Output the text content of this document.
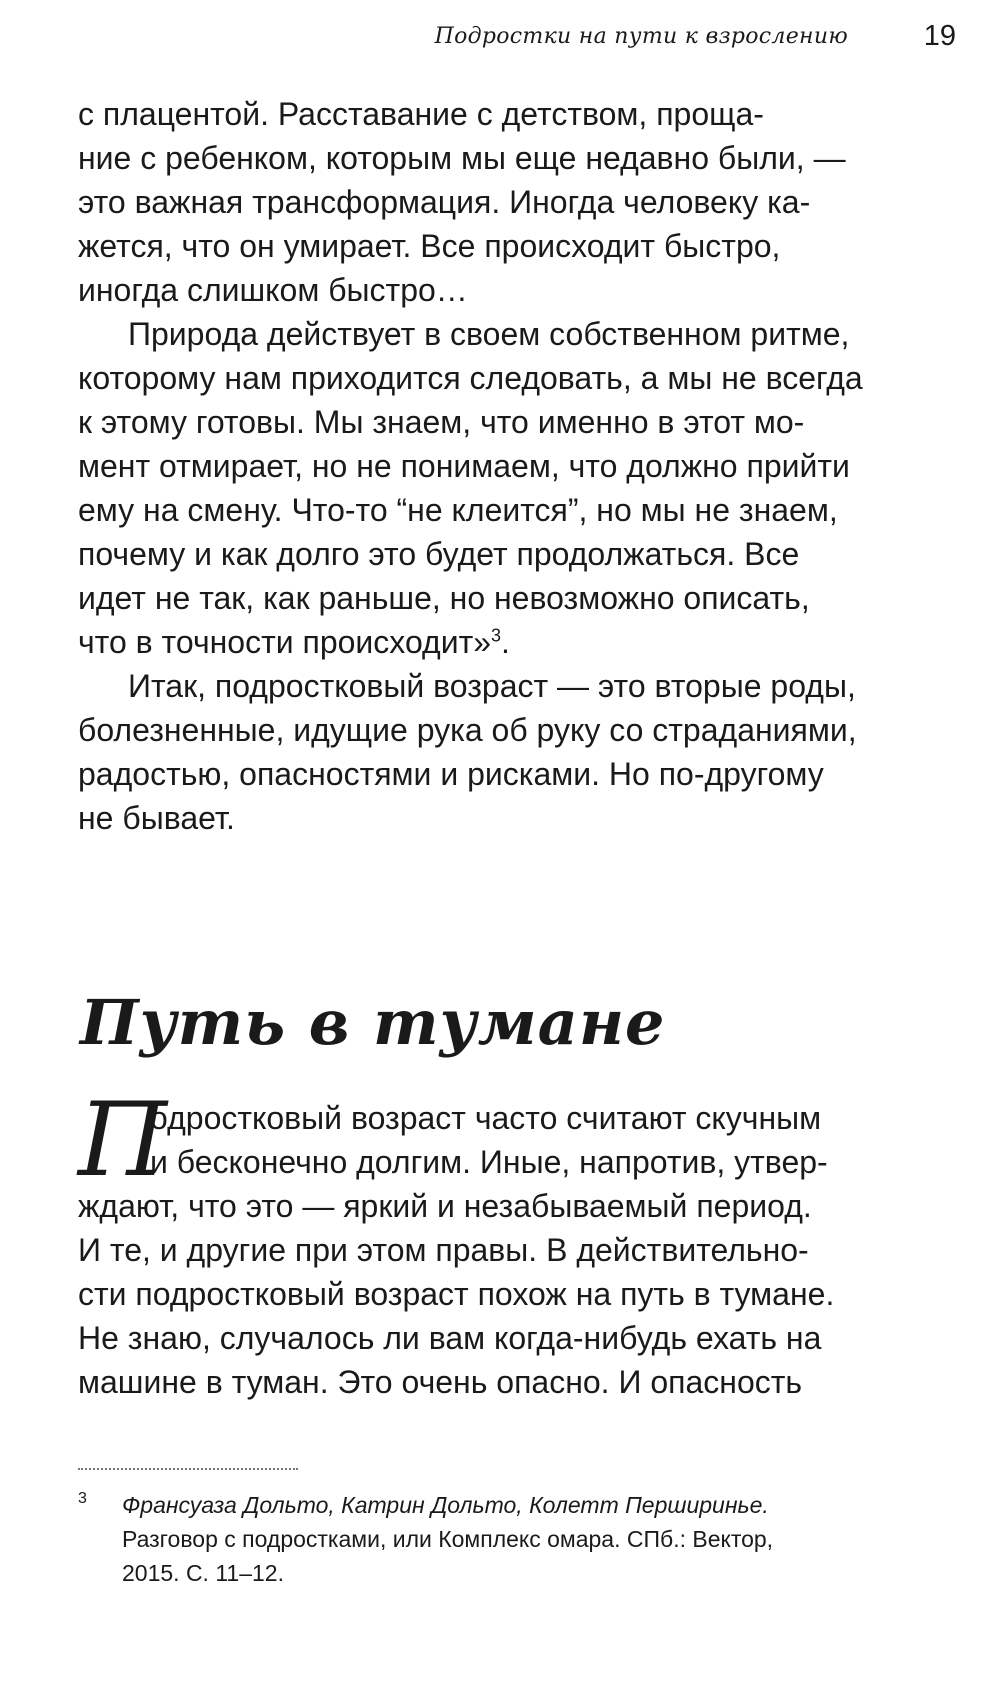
Подростки на пути к взрослению	19
с плацентой. Расставание с детством, проща-
ние с ребенком, которым мы еще недавно были, —
это важная трансформация. Иногда человеку ка-
жется, что он умирает. Все происходит быстро,
иногда слишком быстро…
Природа действует в своем собственном ритме,
которому нам приходится следовать, а мы не всегда
к этому готовы. Мы знаем, что именно в этот мо-
мент отмирает, но не понимаем, что должно прийти
ему на смену. Что-то “не клеится”, но мы не знаем,
почему и как долго это будет продолжаться. Все
идет не так, как раньше, но невозможно описать,
что в точности происходит»$^3$.
Итак, подростковый возраст — это вторые роды,
болезненные, идущие рука об руку со страданиями,
радостью, опасностями и рисками. Но по-другому
не бывает.
Путь в тумане
П
одростковый возраст часто считают скучным
и бесконечно долгим. Иные, напротив, утвер-
ждают, что это — яркий и незабываемый период.
И те, и другие при этом правы. В действительно-
сти подростковый возраст похож на путь в тумане.
Не знаю, случалось ли вам когда-нибудь ехать на
машине в туман. Это очень опасно. И опасность
3 Франсуаза Дольто, Катрин Дольто, Колетт Перширинье.
Разговор с подростками, или Комплекс омара. СПб.: Вектор,
2015. С. 11–12.
